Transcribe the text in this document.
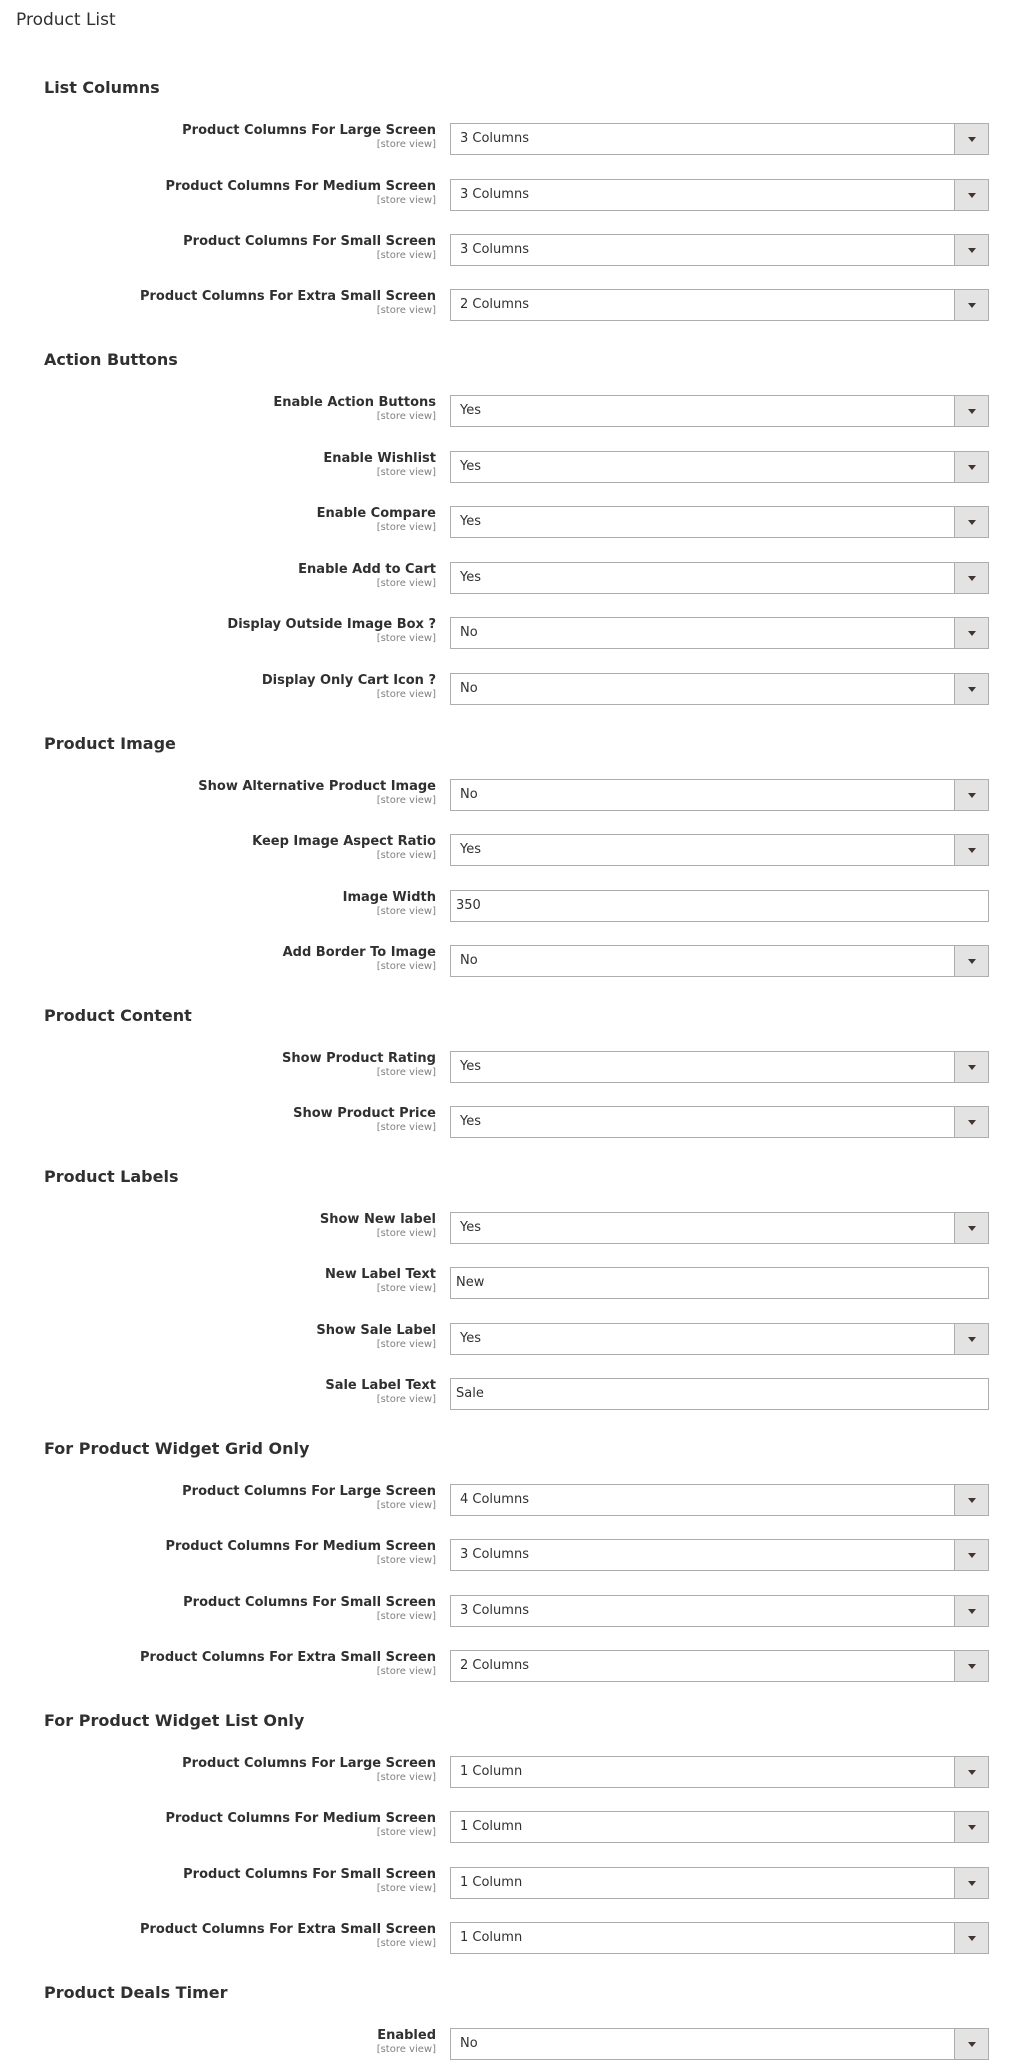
Product List
List Columns
Product Columns For Large Screen
[store view] 3 Columns
Product Columns For Medium Screen
[store view] 3 Columns
Product Columns For Small Screen
[store view] 3 Columns
Product Columns For Extra Small Screen
[store view] 2 Columns
Action Buttons
Enable Action Buttons
[store view] Yes
Enable Wishlist
[store view] Yes
Enable Compare
[store view] Yes
Enable Add to Cart
[store view] Yes
Display Outside Image Box ?
[store view] No
Display Only Cart Icon ?
[store view] No
Product Image
Show Alternative Product Image
[store view] No
Keep Image Aspect Ratio
[store view] Yes
Image Width
[store view] 350
Add Border To Image
[store view] No
Product Content
Show Product Rating
[store view] Yes
Show Product Price
[store view] Yes
Product Labels
Show New label
[store view] Yes
New Label Text
[store view] New
Show Sale Label
[store view] Yes
Sale Label Text
[store view] Sale
For Product Widget Grid Only
Product Columns For Large Screen
[store view] 4 Columns
Product Columns For Medium Screen
[store view] 3 Columns
Product Columns For Small Screen
[store view] 3 Columns
Product Columns For Extra Small Screen
[store view] 2 Columns
For Product Widget List Only
Product Columns For Large Screen
[store view] 1 Column
Product Columns For Medium Screen
[store view] 1 Column
Product Columns For Small Screen
[store view] 1 Column
Product Columns For Extra Small Screen
[store view] 1 Column
Product Deals Timer
Enabled
[store view] No
